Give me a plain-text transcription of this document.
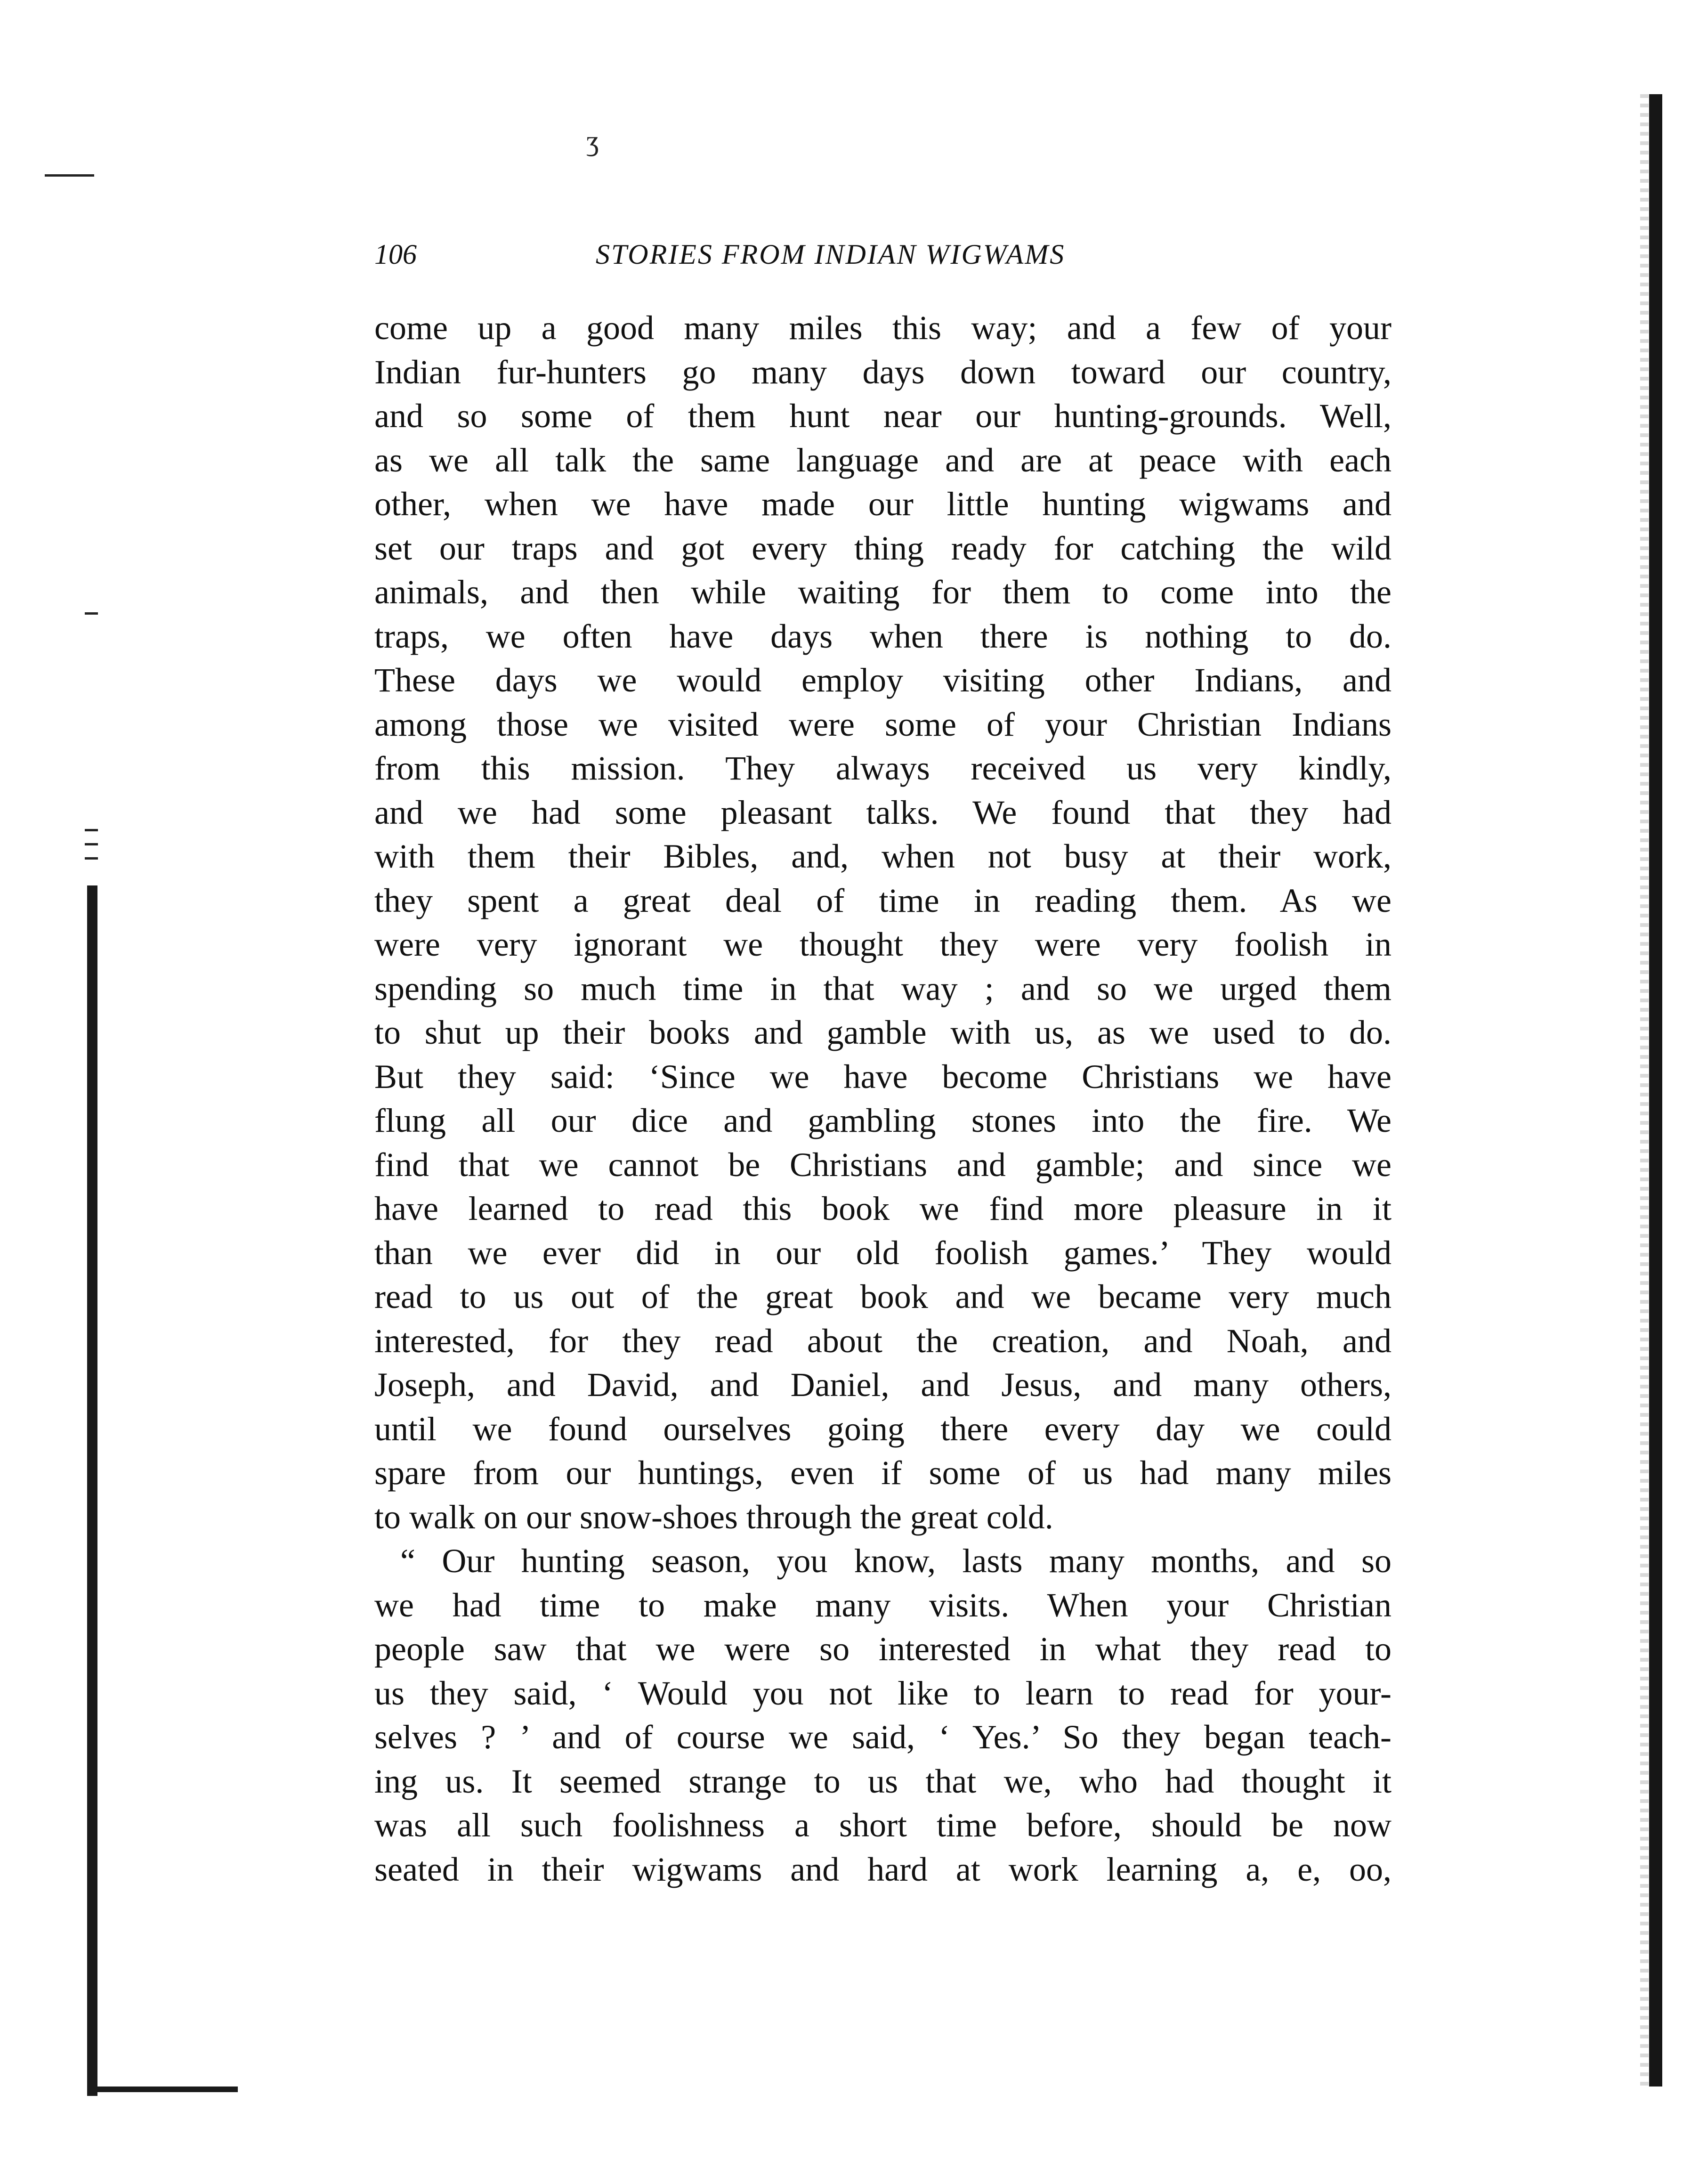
ʒ
106	STORIES FROM INDIAN WIGWAMS
come up a good many miles this way; and a few of your
Indian fur-hunters go many days down toward our country,
and so some of them hunt near our hunting-grounds. Well,
as we all talk the same language and are at peace with each
other, when we have made our little hunting wigwams and
set our traps and got every thing ready for catching the wild
animals, and then while waiting for them to come into the
traps, we often have days when there is nothing to do.
These days we would employ visiting other Indians, and
among those we visited were some of your Christian Indians
from this mission. They always received us very kindly,
and we had some pleasant talks. We found that they had
with them their Bibles, and, when not busy at their work,
they spent a great deal of time in reading them. As we
were very ignorant we thought they were very foolish in
spending so much time in that way ; and so we urged them
to shut up their books and gamble with us, as we used to do.
But they said: ‘Since we have become Christians we have
flung all our dice and gambling stones into the fire. We
find that we cannot be Christians and gamble; and since we
have learned to read this book we find more pleasure in it
than we ever did in our old foolish games.’ They would
read to us out of the great book and we became very much
interested, for they read about the creation, and Noah, and
Joseph, and David, and Daniel, and Jesus, and many others,
until we found ourselves going there every day we could
spare from our huntings, even if some of us had many miles
to walk on our snow-shoes through the great cold.
“ Our hunting season, you know, lasts many months, and so
we had time to make many visits. When your Christian
people saw that we were so interested in what they read to
us they said, ‘ Would you not like to learn to read for your-
selves ? ’ and of course we said, ‘ Yes.’ So they began teach-
ing us. It seemed strange to us that we, who had thought it
was all such foolishness a short time before, should be now
seated in their wigwams and hard at work learning a, e, oo,
